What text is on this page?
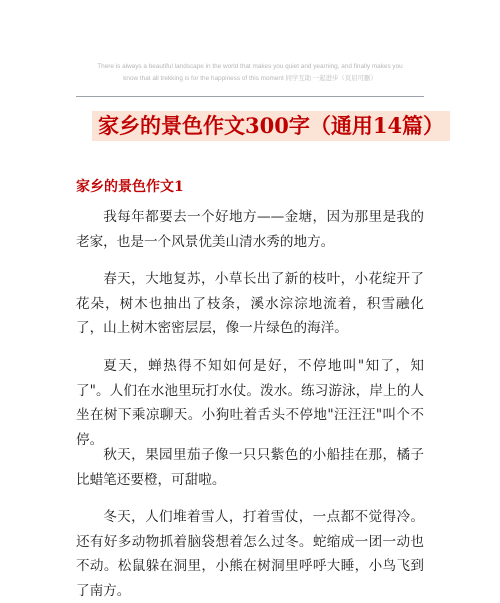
There is always a beautiful landscape in the world that makes you quiet and yearning, and finally makes you
know that all trekking is for the happiness of this moment 同学互助 一起进步（页眉可删）
家乡的景色作文300字（通用14篇）
家乡的景色作文1

我每年都要去一个好地方——金塘，因为那里是我的老家，也是一个风景优美山清水秀的地方。

春天，大地复苏，小草长出了新的枝叶，小花绽开了花朵，树木也抽出了枝条，溪水淙淙地流着，积雪融化了，山上树木密密层层，像一片绿色的海洋。

夏天，蝉热得不知如何是好，不停地叫"知了，知了"。人们在水池里玩打水仗。泼水。练习游泳，岸上的人坐在树下乘凉聊天。小狗吐着舌头不停地"汪汪汪"叫个不停。

秋天，果园里茄子像一只只紫色的小船挂在那，橘子比蜡笔还要橙，可甜啦。

冬天，人们堆着雪人，打着雪仗，一点都不觉得冷。还有好多动物抓着脑袋想着怎么过冬。蛇缩成一团一动也不动。松鼠躲在洞里，小熊在树洞里呼呼大睡，小鸟飞到了南方。
